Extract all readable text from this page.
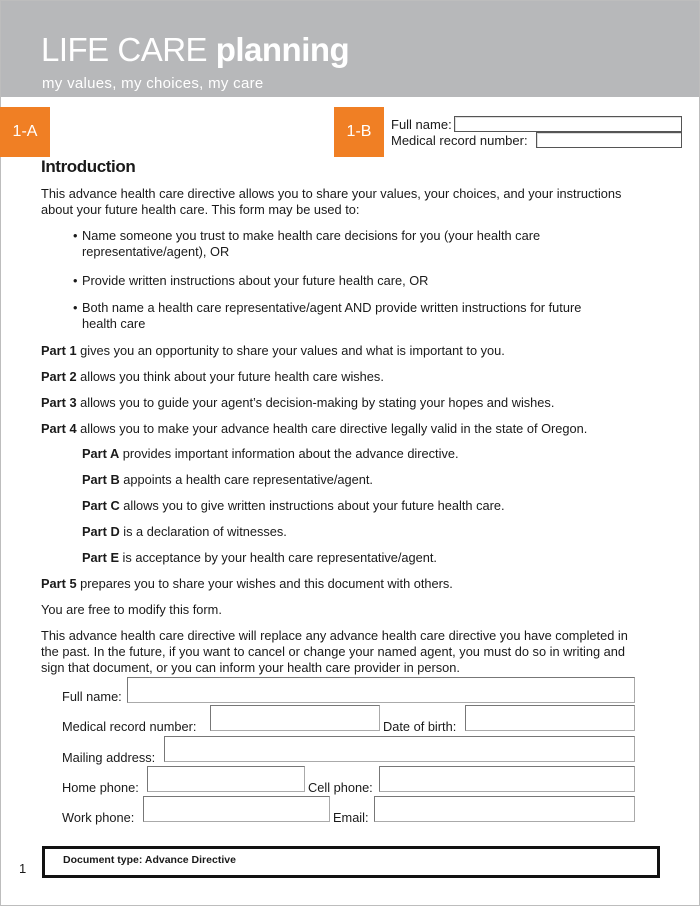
LIFE CARE planning
my values, my choices, my care
1-A	1-B	Full name:
Medical record number:
Introduction
This advance health care directive allows you to share your values, your choices, and your instructions
about your future health care. This form may be used to:
• Name someone you trust to make health care decisions for you (your health care
representative/agent), OR
• Provide written instructions about your future health care, OR
• Both name a health care representative/agent AND provide written instructions for future
health care
Part 1 gives you an opportunity to share your values and what is important to you.
Part 2 allows you think about your future health care wishes.
Part 3 allows you to guide your agent’s decision-making by stating your hopes and wishes.
Part 4 allows you to make your advance health care directive legally valid in the state of Oregon.
Part A provides important information about the advance directive.
Part B appoints a health care representative/agent.
Part C allows you to give written instructions about your future health care.
Part D is a declaration of witnesses.
Part E is acceptance by your health care representative/agent.
Part 5 prepares you to share your wishes and this document with others.
You are free to modify this form.
This advance health care directive will replace any advance health care directive you have completed in
the past. In the future, if you want to cancel or change your named agent, you must do so in writing and
sign that document, or you can inform your health care provider in person.
Full name:
Medical record number:	Date of birth:
Mailing address:
Home phone:	Cell phone:
Work phone:	Email:
Document type: Advance Directive
1
